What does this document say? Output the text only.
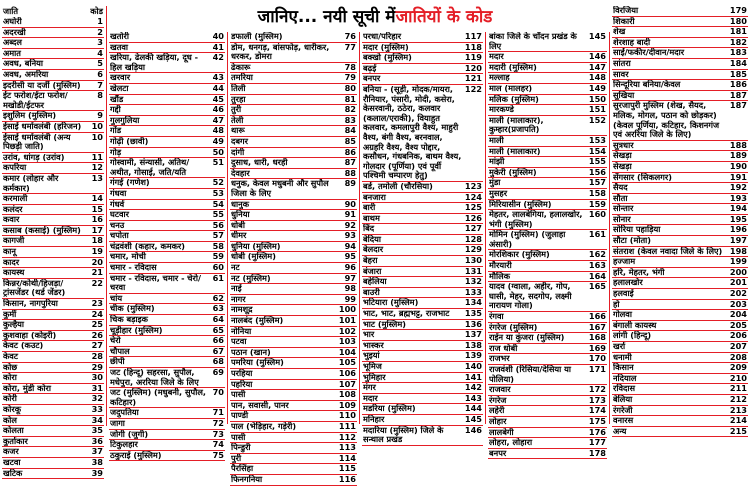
जानिए... नयी सूची में जातियों के कोड
जाति	कोड
अघोरी	1
अदरखी	2
अब्दल	3
अमात	4
अवध, बनिया	5
अवध, अमरिया	6
इदरीसी या दर्जी (मुस्लिम)	7
ईट फरोश/ईटा फरोश/मखोडी/ईटफर
8
इशुलिम (मुस्लिम)	9
ईसाई धर्मावलंबी (हरिजन)	10
ईसाई धर्मावलंबी (अन्य पिछड़ी जाति)
10
उरांव, धांगड़ (उरांव)	11
कपरिया	12
कमार (लोहार और कर्मकार)
13
करमाली	14
कलंदर	15
कवार	16
कसाब (कसाई) (मुस्लिम)	17
कागजी	18
कानू	19
कादर	20
कायस्थ	21
किन्नर/कोथी/हिजड़ा/ट्रांसजेंडर (थर्ड जेंडर)
22
किसान, नागपुरिया	23
कुर्मी	24
कुल्हैया	25
कुशवाहा (कोइरी)	26
केवट (कउट)	27
केवट	28
कोछ	29
कोरा	30
कोरा, मुंडी कोरा	31
कोरी	32
कोरकू	33
कोल	34
कोलता	35
कुर्ताकार	36
कजर	37
खटवा	38
खटिक	39
खतोरी	40
खतवा	41
खरिया, ढेलकी खड़िया, दूध - हिल खड़िया
42
खरवार	43
खेलटा	44
खौंड	45
गद्दी	46
गुलगुलिया	47
गोंड	48
गोढ़ी (छावी)	49
गोड़	50
गोस्वामी, संन्यासी, अतिथ/अथीत, गोसाई, जति/यति
51
गंगई (गणेश)	52
गंधवा	53
गंधर्व	54
घटवार	55
चनउ	56
चपोता	57
चंद्रवंशी (कहार, कमकर)	58
चमार, मोची	59
चमार - रविदास	60
चमार - रविदास, चमार - चेरो/चरवा
61
चांय	62
चीक (मुस्लिम)	63
चिक बड़ाइक	64
चूड़ीहार (मुस्लिम)	65
चेरो	66
चौपाल	67
छीपी	68
जट (हिन्दू) सहरसा, सुपौल, मधेपुरा, अररिया जिले के लिए
69
जट (मुस्लिम) (मधुबनी, सुपौल, कटिहार)
70
जदुपतिया	71
जागा	72
जोगी (जुगी)	73
टिकुलहार	74
ठकुराई (मुस्लिम)	75
डफाली (मुस्लिम)	76
डोम, धनगड़, बांसफोड़, धारीकर, धरकर, डोमरा
77
ढेकारू	78
तमरिया	79
तिली	80
तुरहा	81
तुरी	82
तेली	83
थारू	84
दबगर	85
दांगी	86
दुसाध, धारी, धरही	87
देवहार	88
धनुक, केवल मधुबनी और सुपौल जिला के लिए
89
धानुक	90
धुनिया	91
धोबी	92
धीमर	93
धुनिया (मुस्लिम)	94
धोबी (मुस्लिम)	95
नट	96
नट (मुस्लिम)	97
नाई	98
नागर	99
नामशूद्र	100
नालबंद (मुस्लिम)	101
नोनिया	102
पटवा	103
पठान (खान)	104
पमरिया (मुस्लिम)	105
परहिया	106
पहरिया	107
पासी	108
पान, सवासी, पानर	109
पाण्डी	110
पाल (भेड़िहार, गड़ेरी)	111
पासी	112
पिन्डुरी	113
पुरी	114
पैरसिंहा	115
फिनगनिया	116
परधा/परिहार	117
मदार (मुस्लिम)	118
बक्खो (मुस्लिम)	119
बढ़ई	120
बनपर	121
बनिया - (सूड़ी, मोदक/मायरा, रौनियार, पंसारी, मोदी, कसेरा, केसरवानी, ठठेरा, कलवार (कलाल/एराकी), वियाहुत कलवार, कमलापुरी वैश्य, माहुरी वैश्य, बंगी वैश्य, बरनवाल, अग्रहरि वैश्य, वैश्य पोद्दार, कसौधन, गंधबनिक, बाथम वैश्य, गोलदार (पूर्णिया) एवं पूर्वी पश्चिमी चम्पारण हेतु)
122
बर्ड, तमोली (चौरसिया)	123
बनजारा	124
बारी	125
बाथम	126
बिंद	127
बेदिया	128
बेलदार	129
बेहरा	130
बंजारा	131
बहेलिया	132
बाउरी	133
भटियारा (मुस्लिम)	134
भाट, भाट, ब्रह्मभट्ट, राजभाट	135
भाट (मुस्लिम)	136
भार	137
भास्कर	138
भुइयां	139
भूमिज	140
भुमिहार	141
मंगर	142
मदार	143
मडरिया (मुस्लिम)	144
मनिहार	145
मदारिया (मुस्लिम) जिले के सन्थाल प्रखंड
146
बांका जिले के चाँदन प्रखंड के लिए
145
मदार	146
मदारी (मुस्लिम)	147
मल्लाह	148
माल (मालहर)	149
मलिक (मुस्लिम)	150
मारकण्डे	151
माली (मालाकार), कुम्हार(प्रजापति)
152
माली	153
माली (मालाकार)	154
मांझी	155
मुकेरी (मुस्लिम)	156
मुंडा	157
मुसहर	158
मिरियासीन (मुस्लिम)	159
मेहतर, लालबेगिया, हलालखोर, भंगी (मुस्लिम)
160
मोमिन (मुस्लिम) (जुलाहा अंसारी)
161
मोरशिकार (मुस्लिम)	162
मौरयारी	163
मौलिक	164
यादव (ग्वाला, अहीर, गोप, घासी, मेहर, सदगोप, लक्ष्मी नारायण गोला)
165
रंगवा	166
रंगरेज (मुस्लिम)	167
राईन या कुंजरा (मुस्लिम)	168
राज धोबी	169
राजभर	170
राजवंशी (रिसिया/देसिया या पोलिया)
171
राजवार	172
रंगरेज	173
लहेरी	174
लोहार	175
लालबेगी	176
लोहरा, लोहारा	177
बनपर	178
विरजिया	179
शिकारी	180
शेख	181
शेरशाह बादी	182
साईं/फकीर/दीवान/मदार	183
सांतरा	184
सावर	185
सिन्दूरिया बनिया/केवल	186
सुखिया	187
सुरजापुरी मुस्लिम (शेख, सैयद, मलिक, मोगल, पठान को छोड़कर) (केवल पूर्णिया, कटिहार, किशनगंज एवं अररिया जिले के लिए)
187
सुत्रधार	188
सेखड़ा	189
सेखड़ा	190
सेंगसार (सिकलगर)	191
सैयद	192
सौता	193
सोन्तार	194
सोनार	195
सोरिया पहाड़िया	196
सौटा (मोता)	197
संतराश (केवल नवादा जिले के लिए) 198
हज्जाम	199
हरि, मेहतर, भंगी	200
हलालखोर	201
हलवाई	202
हो	203
गोलवा	204
बंगाली कायस्थ	205
लांगी (हिन्दू)	206
खर्रा	207
धनामी	208
किसान	209
नदियाल	210
रविदास	211
बेलिया	212
रंगरेजी	213
वनारस	214
अन्य	215
